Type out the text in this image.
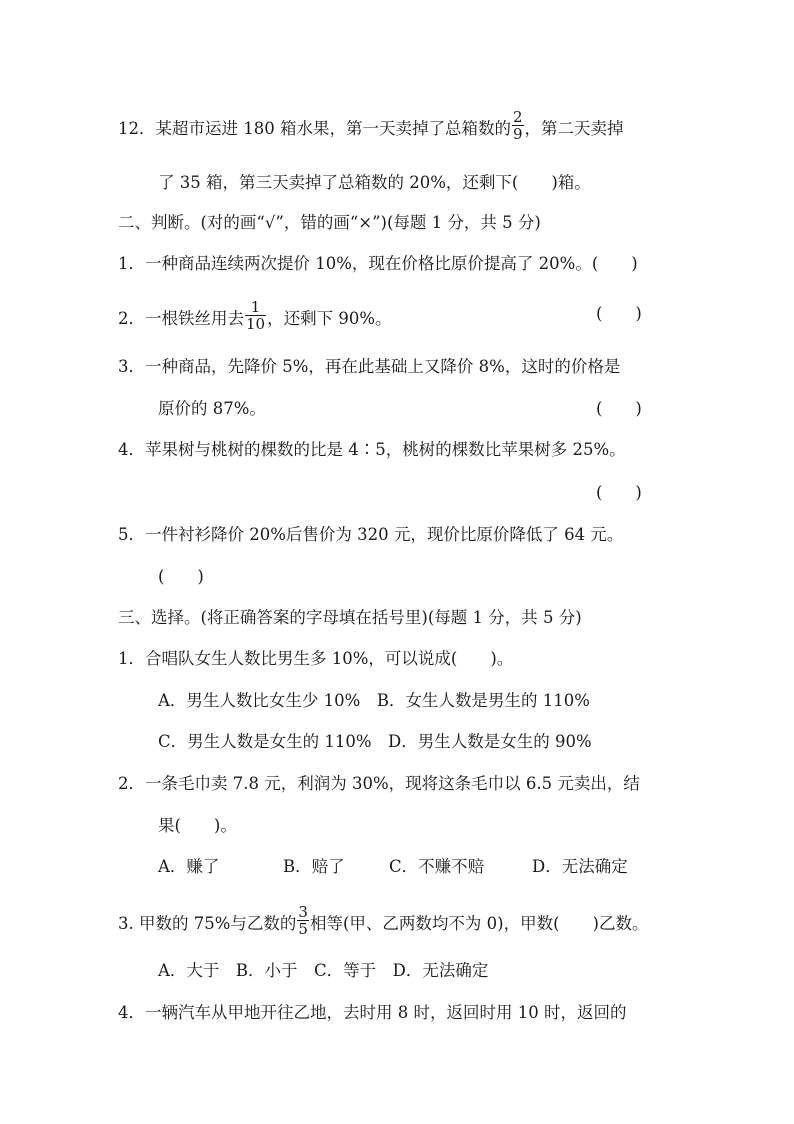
12．某超市运进 180 箱水果，第一天卖掉了总箱数的 $\frac{2}{9}$ ，第二天卖掉
了 35 箱，第三天卖掉了总箱数的 20%，还剩下(　　)箱。
二、判断。(对的画“√”，错的画“×”)(每题 1 分，共 5 分)
1．一种商品连续两次提价 10%，现在价格比原价提高了 20%。(　　)
2．一根铁丝用去 $\frac{1}{10}$ ，还剩下 90%。	(　　)
3．一种商品，先降价 5%，再在此基础上又降价 8%，这时的价格是
原价的 87%。	(　　)
4．苹果树与桃树的棵数的比是 4∶5，桃树的棵数比苹果树多 25%。
(　　)
5．一件衬衫降价 20%后售价为 320 元，现价比原价降低了 64 元。
(　　)
三、选择。(将正确答案的字母填在括号里)(每题 1 分，共 5 分)
1．合唱队女生人数比男生多 10%，可以说成(　　)。
A．男生人数比女生少 10%　B．女生人数是男生的 110%
C．男生人数是女生的 110%　D．男生人数是女生的 90%
2．一条毛巾卖 7.8 元，利润为 30%，现将这条毛巾以 6.5 元卖出，结
果(　　)。
A．赚了	B．赔了	C．不赚不赔	D．无法确定
3. 甲数的 75%与乙数的 $\frac{3}{5}$ 相等(甲、乙两数均不为 0)，甲数(　　)乙数。
A．大于　B．小于　C．等于　D．无法确定
4．一辆汽车从甲地开往乙地，去时用 8 时，返回时用 10 时，返回的
